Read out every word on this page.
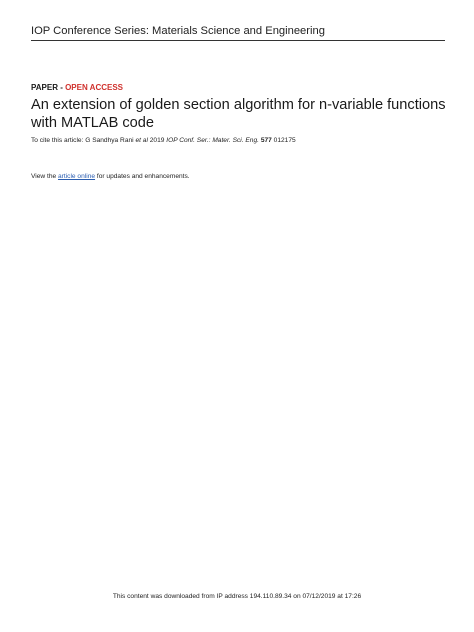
IOP Conference Series: Materials Science and Engineering
PAPER - OPEN ACCESS
An extension of golden section algorithm for n-variable functions with MATLAB code
To cite this article: G Sandhya Rani et al 2019 IOP Conf. Ser.: Mater. Sci. Eng. 577 012175
View the article online for updates and enhancements.
This content was downloaded from IP address 194.110.89.34 on 07/12/2019 at 17:26
